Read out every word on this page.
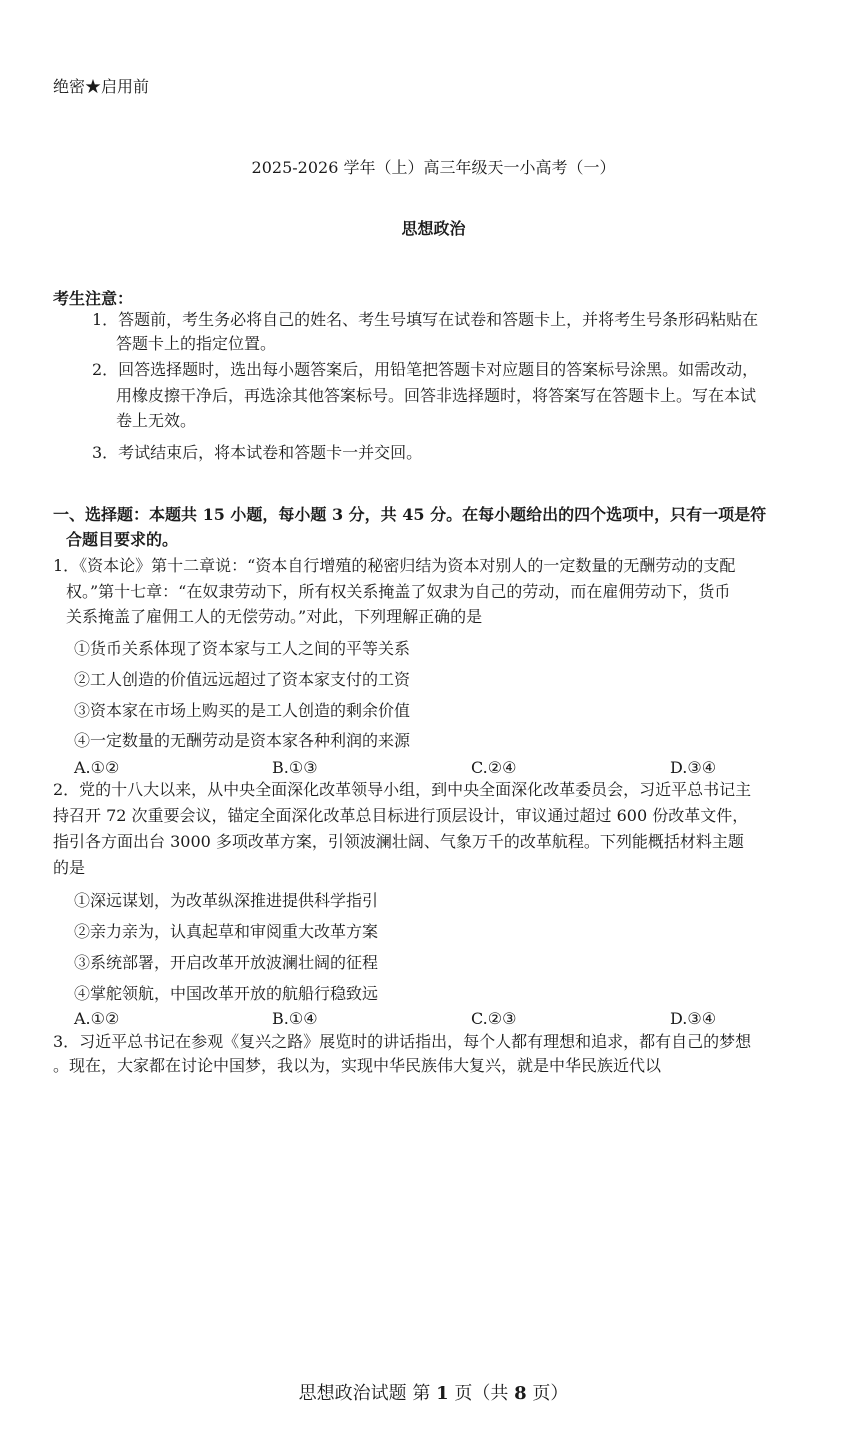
绝密★启用前
2025-2026 学年（上）高三年级天一小高考（一）
思想政治
考生注意：
1．答题前，考生务必将自己的姓名、考生号填写在试卷和答题卡上，并将考生号条形码粘贴在
答题卡上的指定位置。
2．回答选择题时，选出每小题答案后，用铅笔把答题卡对应题目的答案标号涂黑。如需改动，
用橡皮擦干净后，再选涂其他答案标号。回答非选择题时，将答案写在答题卡上。写在本试
卷上无效。
3．考试结束后，将本试卷和答题卡一并交回。
一、选择题：本题共 15 小题，每小题 3 分，共 45 分。在每小题给出的四个选项中，只有一项是符
合题目要求的。
1．《资本论》第十二章说：“资本自行增殖的秘密归结为资本对别人的一定数量的无酬劳动的支配
权。”第十七章：“在奴隶劳动下，所有权关系掩盖了奴隶为自己的劳动，而在雇佣劳动下，货币
关系掩盖了雇佣工人的无偿劳动。”对此，下列理解正确的是
①货币关系体现了资本家与工人之间的平等关系
②工人创造的价值远远超过了资本家支付的工资
③资本家在市场上购买的是工人创造的剩余价值
④一定数量的无酬劳动是资本家各种利润的来源
A.①②	B.①③	C.②④	D.③④
2．党的十八大以来，从中央全面深化改革领导小组，到中央全面深化改革委员会，习近平总书记主
持召开 72 次重要会议，锚定全面深化改革总目标进行顶层设计，审议通过超过 600 份改革文件，
指引各方面出台 3000 多项改革方案，引领波澜壮阔、气象万千的改革航程。下列能概括材料主题
的是
①深远谋划，为改革纵深推进提供科学指引
②亲力亲为，认真起草和审阅重大改革方案
③系统部署，开启改革开放波澜壮阔的征程
④掌舵领航，中国改革开放的航船行稳致远
A.①②	B.①④	C.②③	D.③④
3．习近平总书记在参观《复兴之路》展览时的讲话指出，每个人都有理想和追求，都有自己的梦想
。现在，大家都在讨论中国梦，我以为，实现中华民族伟大复兴，就是中华民族近代以
思想政治试题 第 1 页（共 8 页）
